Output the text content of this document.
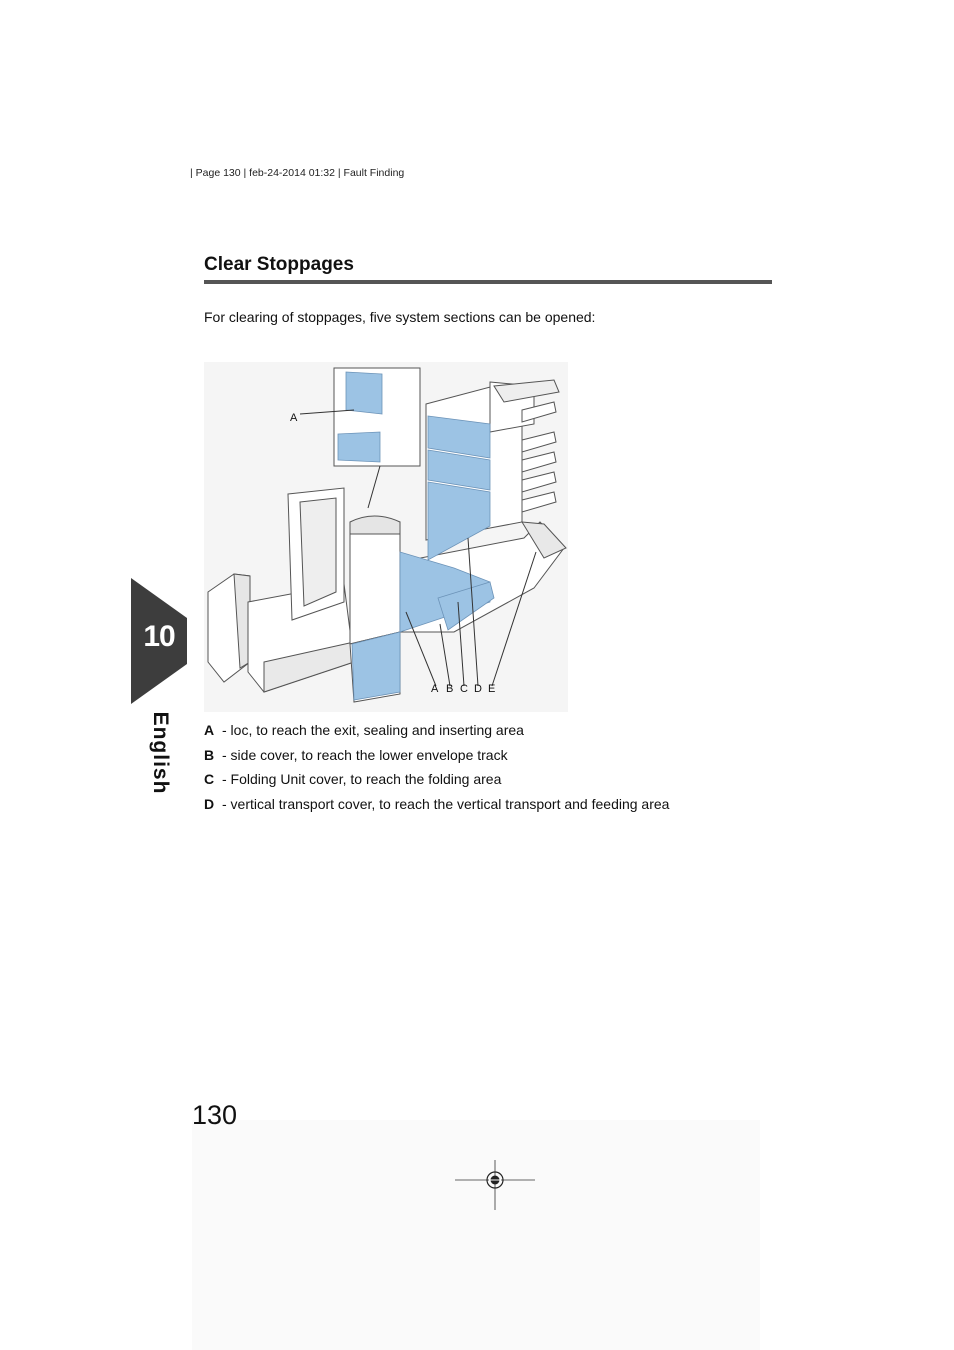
| Page 130 | feb-24-2014 01:32 | Fault Finding
Clear Stoppages
For clearing of stoppages, five system sections can be opened:
A
A B C D E
10
English A - loc, to reach the exit, sealing and inserting area
B - side cover, to reach the lower envelope track
C - Folding Unit cover, to reach the folding area
D - vertical transport cover, to reach the vertical transport and feeding area
130
